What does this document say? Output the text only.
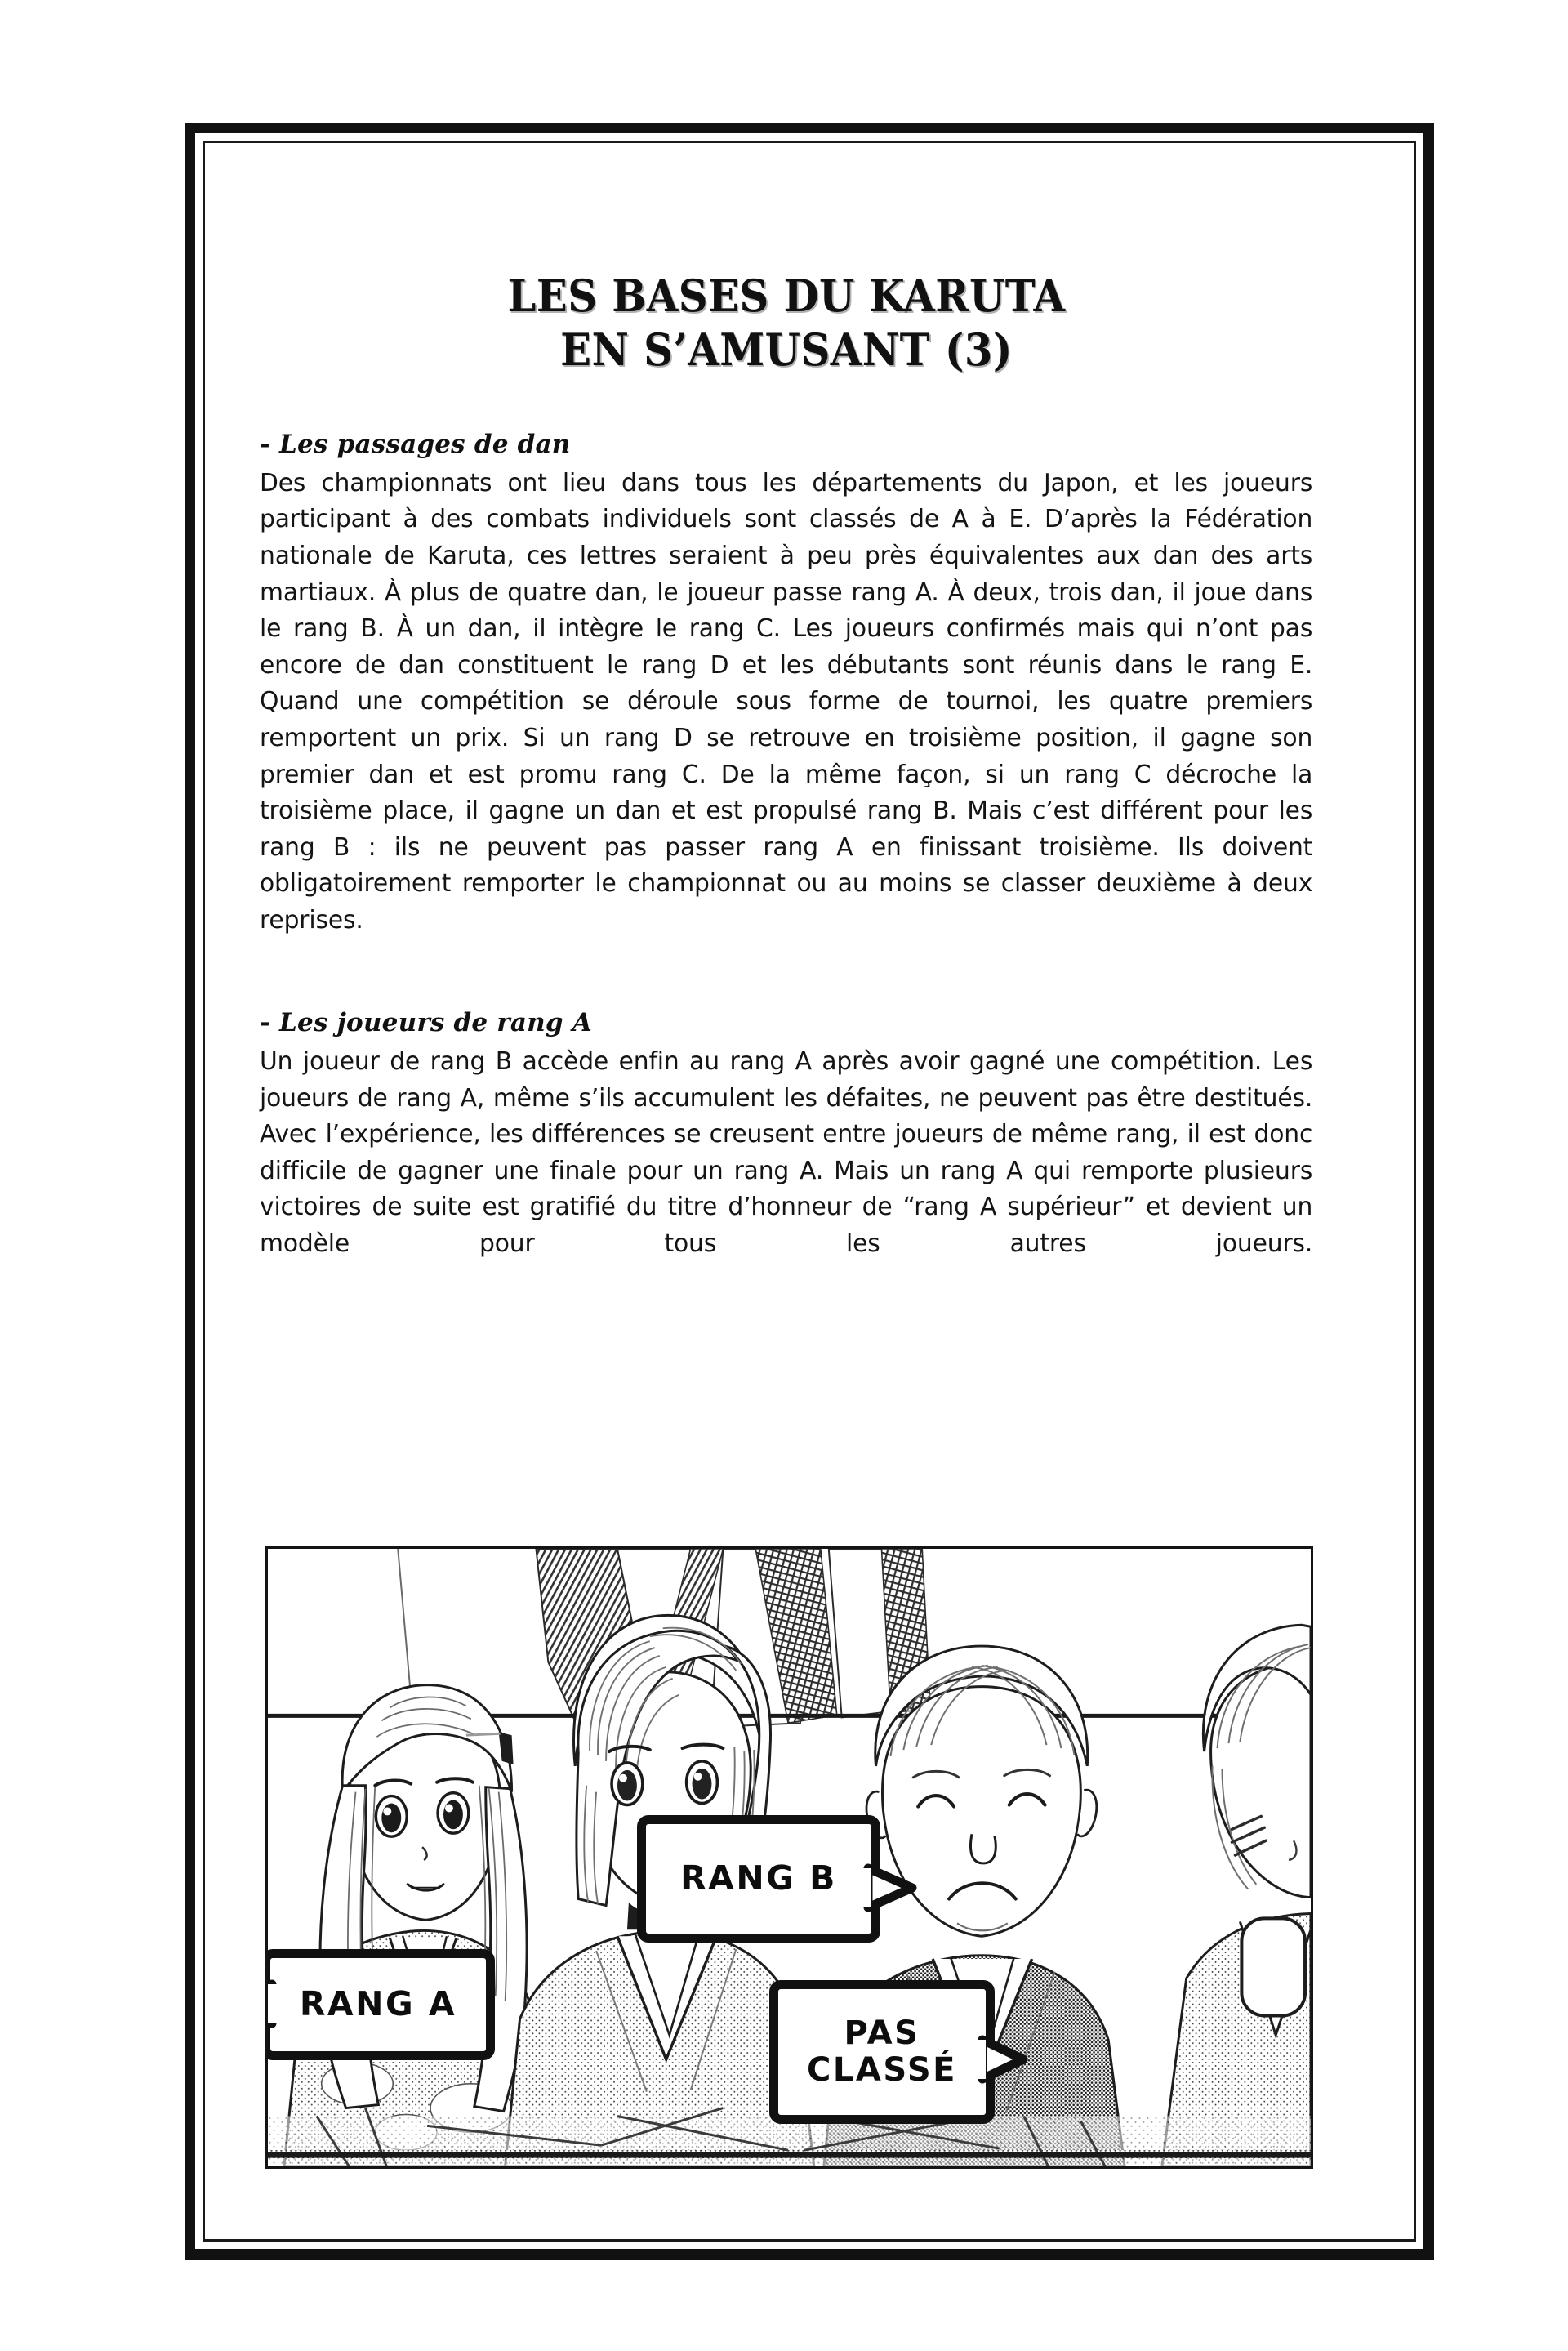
LES BASES DU KARUTA
EN S’AMUSANT (3)
- Les passages de dan

Des championnats ont lieu dans tous les départements du Japon, et les joueurs participant à des combats individuels sont classés de A à E. D’après la Fédération nationale de Karuta, ces lettres seraient à peu près équivalentes aux dan des arts martiaux. À plus de quatre dan, le joueur passe rang A. À deux, trois dan, il joue dans le rang B. À un dan, il intègre le rang C. Les joueurs confirmés mais qui n’ont pas encore de dan constituent le rang D et les débutants sont réunis dans le rang E. Quand une compétition se déroule sous forme de tournoi, les quatre premiers remportent un prix. Si un rang D se retrouve en troisième position, il gagne son premier dan et est promu rang C. De la même façon, si un rang C décroche la troisième place, il gagne un dan et est propulsé rang B. Mais c’est différent pour les rang B : ils ne peuvent pas passer rang A en finissant troisième. Ils doivent obligatoirement remporter le championnat ou au moins se classer deuxième à deux reprises.

- Les joueurs de rang A

Un joueur de rang B accède enfin au rang A après avoir gagné une compétition. Les joueurs de rang A, même s’ils accumulent les défaites, ne peuvent pas être destitués. Avec l’expérience, les différences se creusent entre joueurs de même rang, il est donc difficile de gagner une finale pour un rang A. Mais un rang A qui remporte plusieurs victoires de suite est gratifié du titre d’honneur de “rang A supérieur” et devient un modèle pour tous les autres joueurs.

RANG B
RANG A
PAS
CLASSÉ
